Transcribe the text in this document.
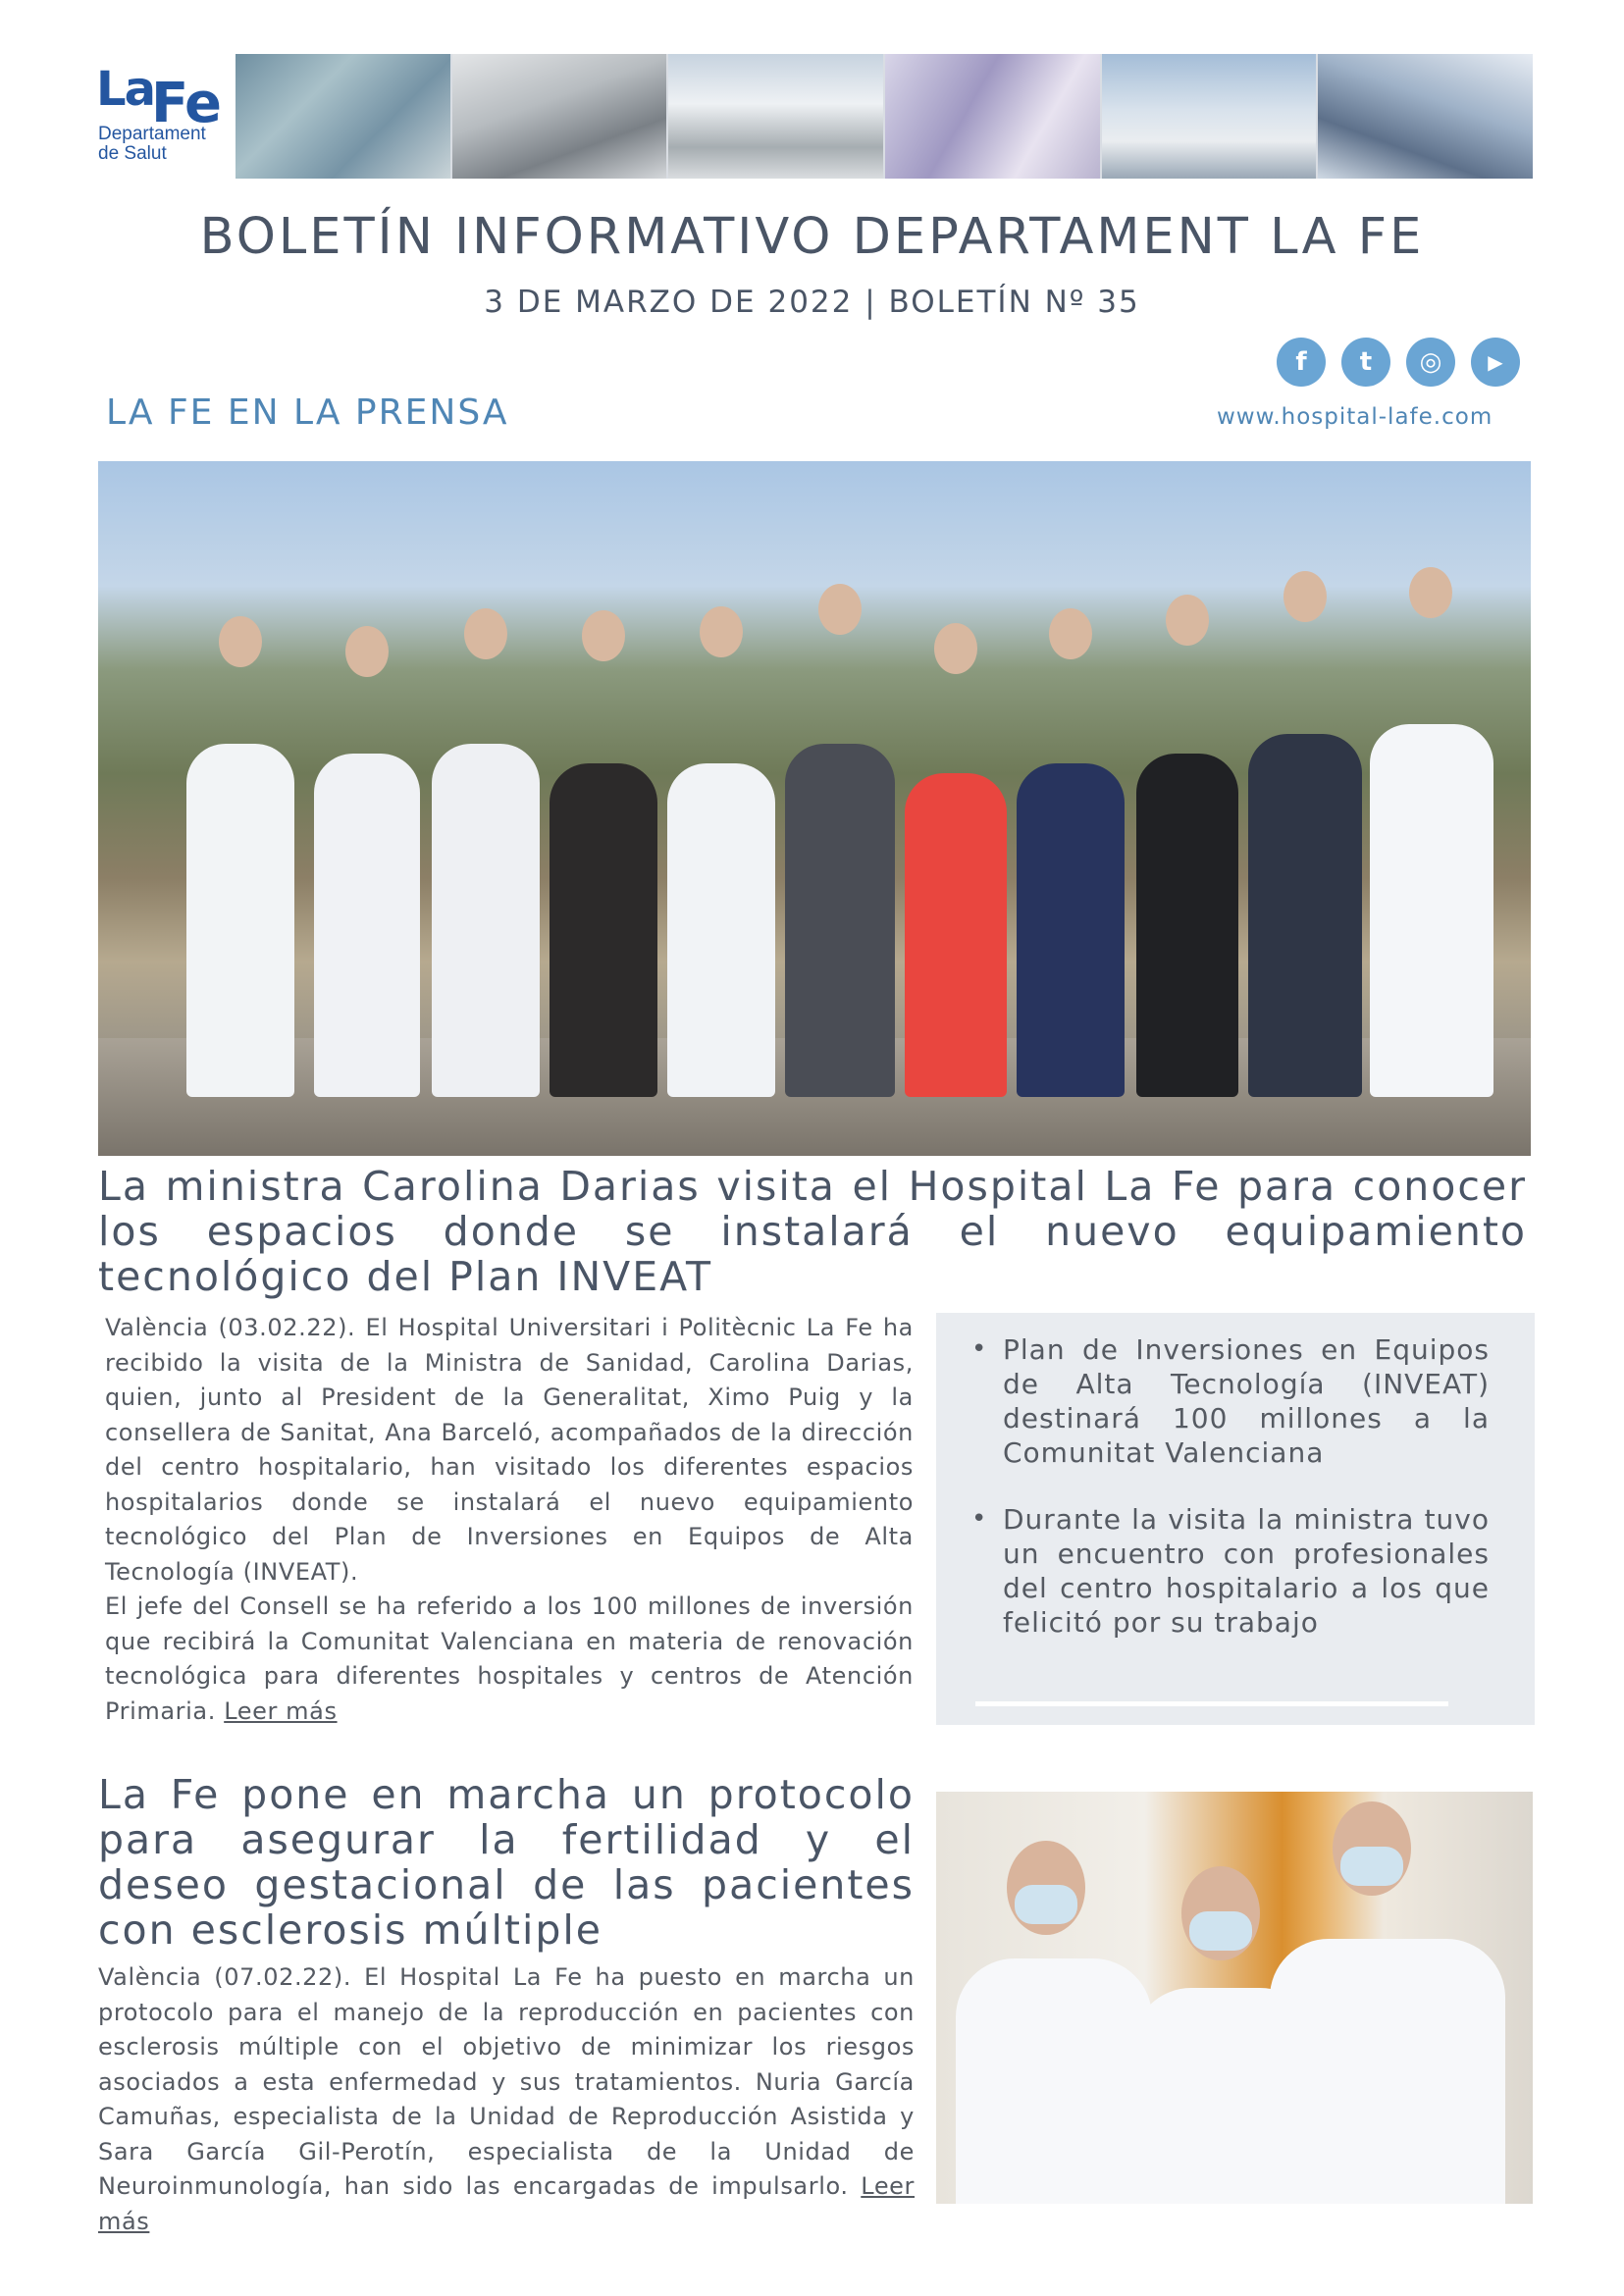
La
Fe
Departament
de Salut
BOLETÍN INFORMATIVO DEPARTAMENT LA FE
3 DE MARZO DE 2022 | BOLETÍN Nº 35
f	t	◎	▶
LA FE EN LA PRENSA	www.hospital-lafe.com
La ministra Carolina Darias visita el Hospital La Fe para conocer los espacios donde se instalará el nuevo equipamiento tecnológico del Plan INVEAT

València (03.02.22). El Hospital Universitari i Politècnic La Fe ha recibido la visita de la Ministra de Sanidad, Carolina Darias, quien, junto al President de la Generalitat, Ximo Puig y la consellera de Sanitat, Ana Barceló, acompañados de la dirección del centro hospitalario, han visitado los diferentes espacios hospitalarios donde se instalará el nuevo equipamiento tecnológico del Plan de Inversiones en Equipos de Alta Tecnología (INVEAT).

El jefe del Consell se ha referido a los 100 millones de inversión que recibirá la Comunitat Valenciana en materia de renovación tecnológica para diferentes hospitales y centros de Atención Primaria. Leer más

• Plan de Inversiones en Equipos de Alta Tecnología (INVEAT) destinará 100 millones a la Comunitat Valenciana
• Durante la visita la ministra tuvo un encuentro con profesionales del centro hospitalario a los que felicitó por su trabajo
La Fe pone en marcha un protocolo para asegurar la fertilidad y el deseo gestacional de las pacientes con esclerosis múltiple

València (07.02.22). El Hospital La Fe ha puesto en marcha un protocolo para el manejo de la reproducción en pacientes con esclerosis múltiple con el objetivo de minimizar los riesgos asociados a esta enfermedad y sus tratamientos. Nuria García Camuñas, especialista de la Unidad de Reproducción Asistida y Sara García Gil-Perotín, especialista de la Unidad de Neuroinmunología, han sido las encargadas de impulsarlo. Leer más
